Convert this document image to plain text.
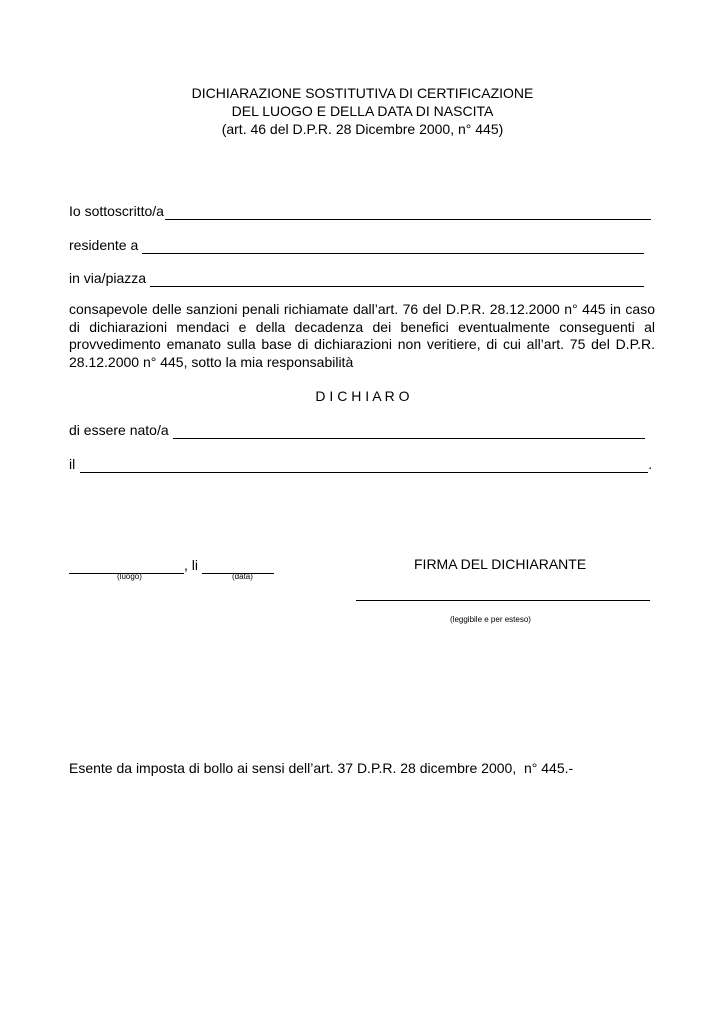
DICHIARAZIONE SOSTITUTIVA DI CERTIFICAZIONE
DEL LUOGO E DELLA DATA DI NASCITA
(art. 46 del D.P.R. 28 Dicembre 2000, n° 445)
Io sottoscritto/a
residente a
in via/piazza
consapevole delle sanzioni penali richiamate dall’art. 76 del D.P.R. 28.12.2000 n° 445 in caso di dichiarazioni mendaci e della decadenza dei benefici eventualmente conseguenti al provvedimento emanato sulla base di dichiarazioni non veritiere, di cui all’art. 75 del D.P.R. 28.12.2000 n° 445, sotto la mia responsabilità
D I C H I A R O
di essere nato/a
il	.
, li
(luogo)	(data)
FIRMA DEL DICHIARANTE
(leggibile e per esteso)
Esente da imposta di bollo ai sensi dell’art. 37 D.P.R. 28 dicembre 2000,  n° 445.-
